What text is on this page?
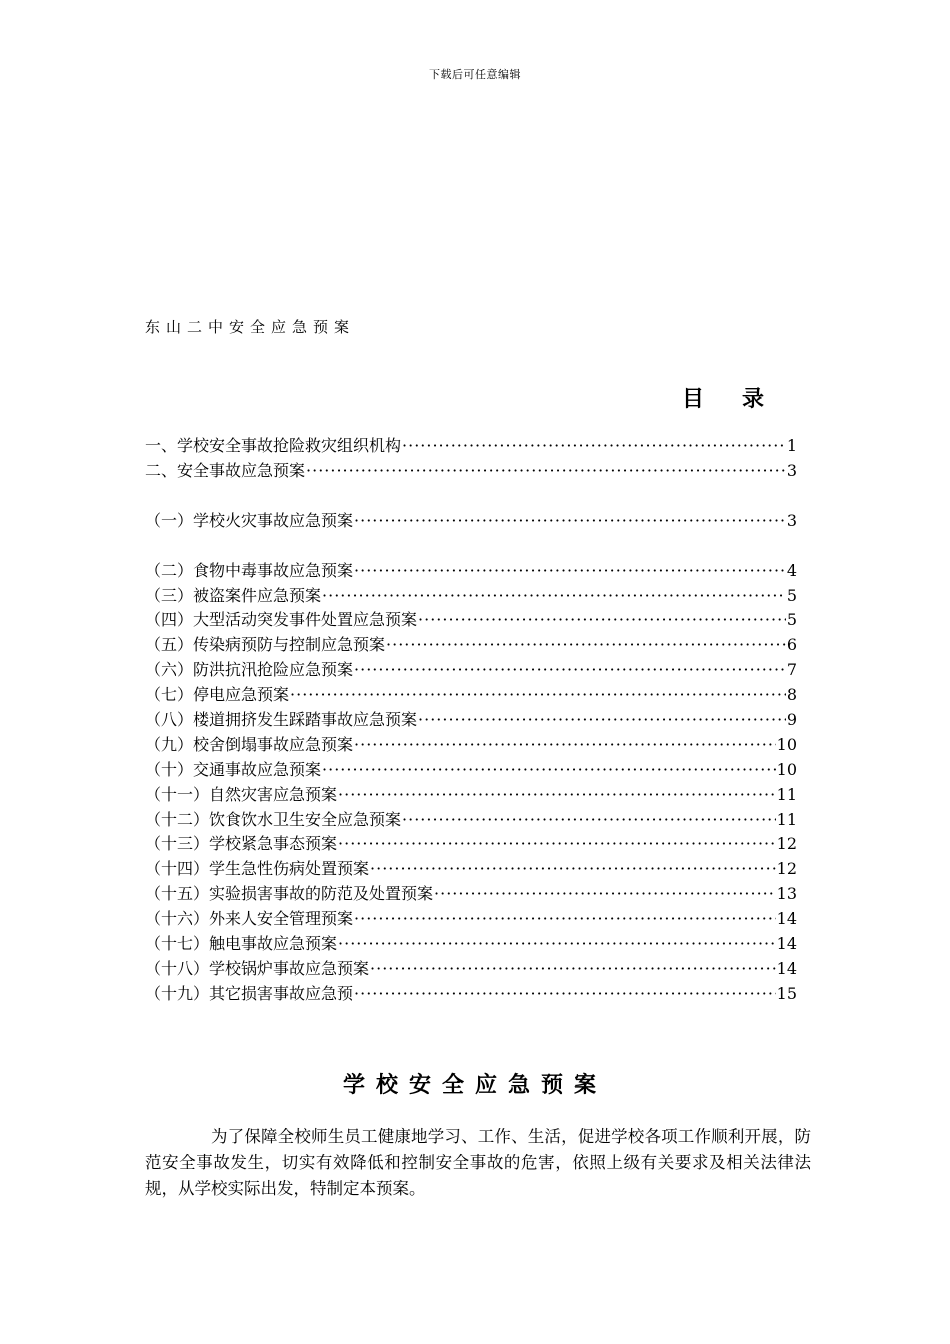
下载后可任意编辑
东山二中安全应急预案
目 录
一、学校安全事故抢险救灾组织机构 ·····	1
二、安全事故应急预案 ·····	3
（一）学校火灾事故应急预案 ·····	3
（二）食物中毒事故应急预案 ·····	4
（三）被盗案件应急预案 ·····	5
（四）大型活动突发事件处置应急预案 ·····	5
（五）传染病预防与控制应急预案 ·····	6
（六）防洪抗汛抢险应急预案 ·····	7
（七）停电应急预案 ·····	8
（八）楼道拥挤发生踩踏事故应急预案 ·····	9
（九）校舍倒塌事故应急预案 ·····	10
（十）交通事故应急预案 ·····	10
（十一）自然灾害应急预案 ·····	11
（十二）饮食饮水卫生安全应急预案 ·····	11
（十三）学校紧急事态预案 ·····	12
（十四）学生急性伤病处置预案 ·····	12
（十五）实验损害事故的防范及处置预案 ·····	13
（十六）外来人安全管理预案 ·····	14
（十七）触电事故应急预案 ·····	14
（十八）学校锅炉事故应急预案 ·····	14
（十九）其它损害事故应急预 ·····	15
学校安全应急预案

为了保障全校师生员工健康地学习、工作、生活，促进学校各项工作顺利开展，防范安全事故发生，切实有效降低和控制安全事故的危害，依照上级有关要求及相关法律法规，从学校实际出发，特制定本预案。
